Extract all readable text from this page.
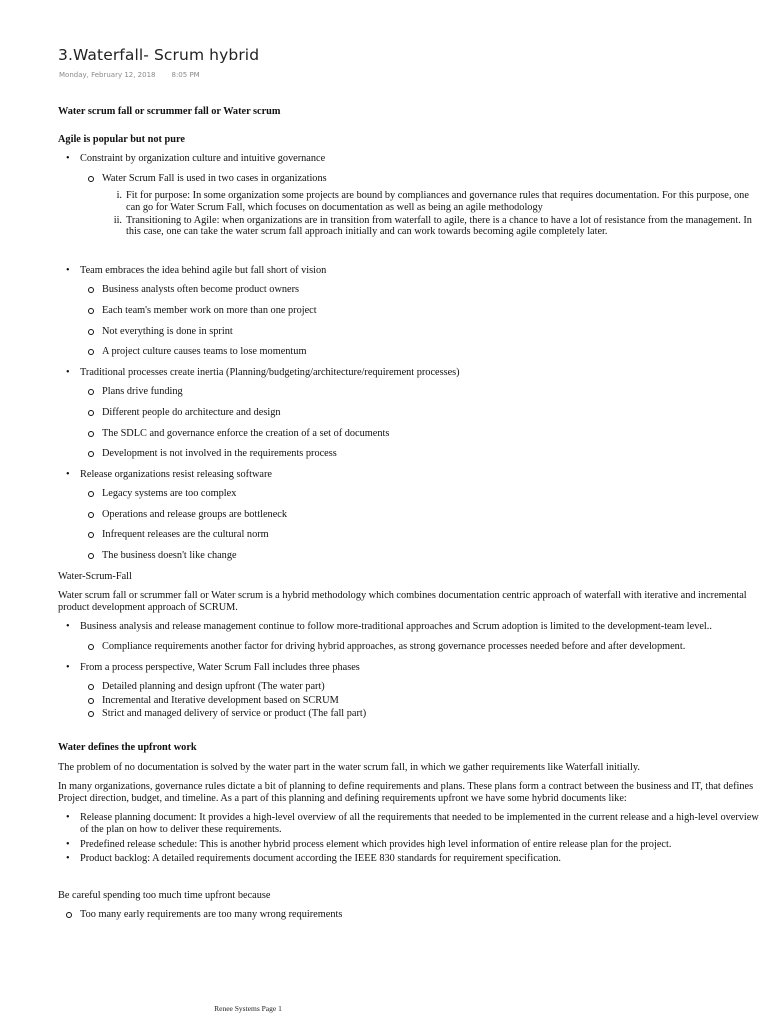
3.Waterfall- Scrum hybrid
Monday, February 12, 2018 8:05 PM
Water scrum fall or scrummer fall or Water scrum
Agile is popular but not pure
• Constraint by organization culture and intuitive governance
Water Scrum Fall is used in two cases in organizations
i. Fit for purpose: In some organization some projects are bound by compliances and governance rules that requires documentation. For this purpose, one can go for Water Scrum Fall, which focuses on documentation as well as being an agile methodology
ii. Transitioning to Agile: when organizations are in transition from waterfall to agile, there is a chance to have a lot of resistance from the management. In this case, one can take the water scrum fall approach initially and can work towards becoming agile completely later.
• Team embraces the idea behind agile but fall short of vision
Business analysts often become product owners
Each team's member work on more than one project
Not everything is done in sprint
A project culture causes teams to lose momentum
• Traditional processes create inertia (Planning/budgeting/architecture/requirement processes)
Plans drive funding
Different people do architecture and design
The SDLC and governance enforce the creation of a set of documents
Development is not involved in the requirements process
• Release organizations resist releasing software
Legacy systems are too complex
Operations and release groups are bottleneck
Infrequent releases are the cultural norm
The business doesn't like change

Water-Scrum-Fall

Water scrum fall or scrummer fall or Water scrum is a hybrid methodology which combines documentation centric approach of waterfall with iterative and incremental product development approach of SCRUM.

• Business analysis and release management continue to follow more-traditional approaches and Scrum adoption is limited to the development-team level..
Compliance requirements another factor for driving hybrid approaches, as strong governance processes needed before and after development.
• From a process perspective, Water Scrum Fall includes three phases
Detailed planning and design upfront (The water part)
Incremental and Iterative development based on SCRUM
Strict and managed delivery of service or product (The fall part)
Water defines the upfront work

The problem of no documentation is solved by the water part in the water scrum fall, in which we gather requirements like Waterfall initially.

In many organizations, governance rules dictate a bit of planning to define requirements and plans. These plans form a contract between the business and IT, that defines Project direction, budget, and timeline. As a part of this planning and defining requirements upfront we have some hybrid documents like:

• Release planning document: It provides a high-level overview of all the requirements that needed to be implemented in the current release and a high-level overview of the plan on how to deliver these requirements.
• Predefined release schedule: This is another hybrid process element which provides high level information of entire release plan for the project.
• Product backlog: A detailed requirements document according the IEEE 830 standards for requirement specification.

Be careful spending too much time upfront because

Too many early requirements are too many wrong requirements
Renee Systems Page 1
